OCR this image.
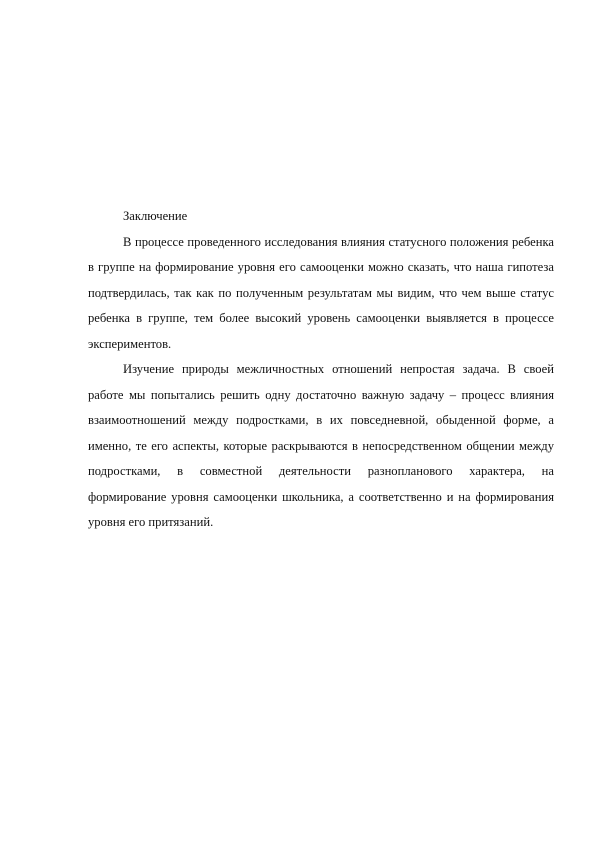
Заключение

В процессе проведенного исследования влияния статусного положения ребенка в группе на формирование уровня его самооценки можно сказать, что наша гипотеза подтвердилась, так как по полученным результатам мы видим, что чем выше статус ребенка в группе, тем более высокий уровень самооценки выявляется в процессе экспериментов.

Изучение природы межличностных отношений непростая задача. В своей работе мы попытались решить одну достаточно важную задачу – процесс влияния взаимоотношений между подростками, в их повседневной, обыденной форме, а именно, те его аспекты, которые раскрываются в непосредственном общении между подростками, в совместной деятельности разнопланового характера, на формирование уровня самооценки школьника, а соответственно и на формирования уровня его притязаний.
